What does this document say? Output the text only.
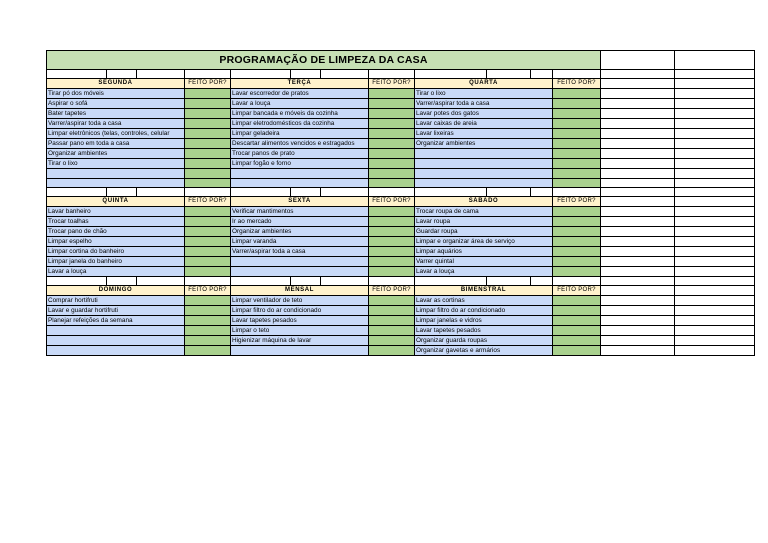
PROGRAMAÇÃO DE LIMPEZA DA CASA													

SEGUNDA			FEITO POR?	TERÇA			FEITO POR?	QUARTA			FEITO POR?		
Tirar pó dos móveis				Lavar escorredor de pratos				Tirar o lixo					
Aspirar o sofá				Lavar a louça				Varrer/aspirar toda a casa					
Bater tapetes				Limpar bancada e móveis da cozinha				Lavar potes dos gatos					
Varrer/aspirar toda a casa				Limpar eletrodomésticos da cozinha				Lavar caixas de areia					
Limpar eletrônicos (telas, controles, celular				Limpar geladeira				Lavar lixeiras					
Passar pano em toda a casa				Descartar alimentos vencidos e estragados				Organizar ambientes					
Organizar ambientes				Trocar panos de prato									
Tirar o lixo				Limpar fogão e forno									

QUINTA			FEITO POR?	SEXTA			FEITO POR?	SÁBADO			FEITO POR?		
Lavar banheiro				Verificar mantimentos				Trocar roupa de cama					
Trocar toalhas				Ir ao mercado				Lavar roupa					
Trocar pano de chão				Organizar ambientes				Guardar roupa					
Limpar espelho				Limpar varanda				Limpar e organizar área de serviço					
Limpar cortina do banheiro				Varrer/aspirar toda a casa				Limpar aquários					
Limpar janela do banheiro								Varrer quintal					
Lavar a louça								Lavar a louça					

DOMINGO			FEITO POR?	MENSAL			FEITO POR?	BIMENSTRAL			FEITO POR?		
Comprar hortifruti				Limpar ventilador de teto				Lavar as cortinas					
Lavar e guardar hortifruti				Limpar filtro do ar condicionado				Limpar filtro do ar condicionado					
Planejar refeições da semana				Lavar tapetes pesados				Limpar janelas e vidros					
				Limpar o teto				Lavar tapetes pesados					
				Higienizar máquina de lavar				Organizar guarda roupas					
								Organizar gavetas e armários					
